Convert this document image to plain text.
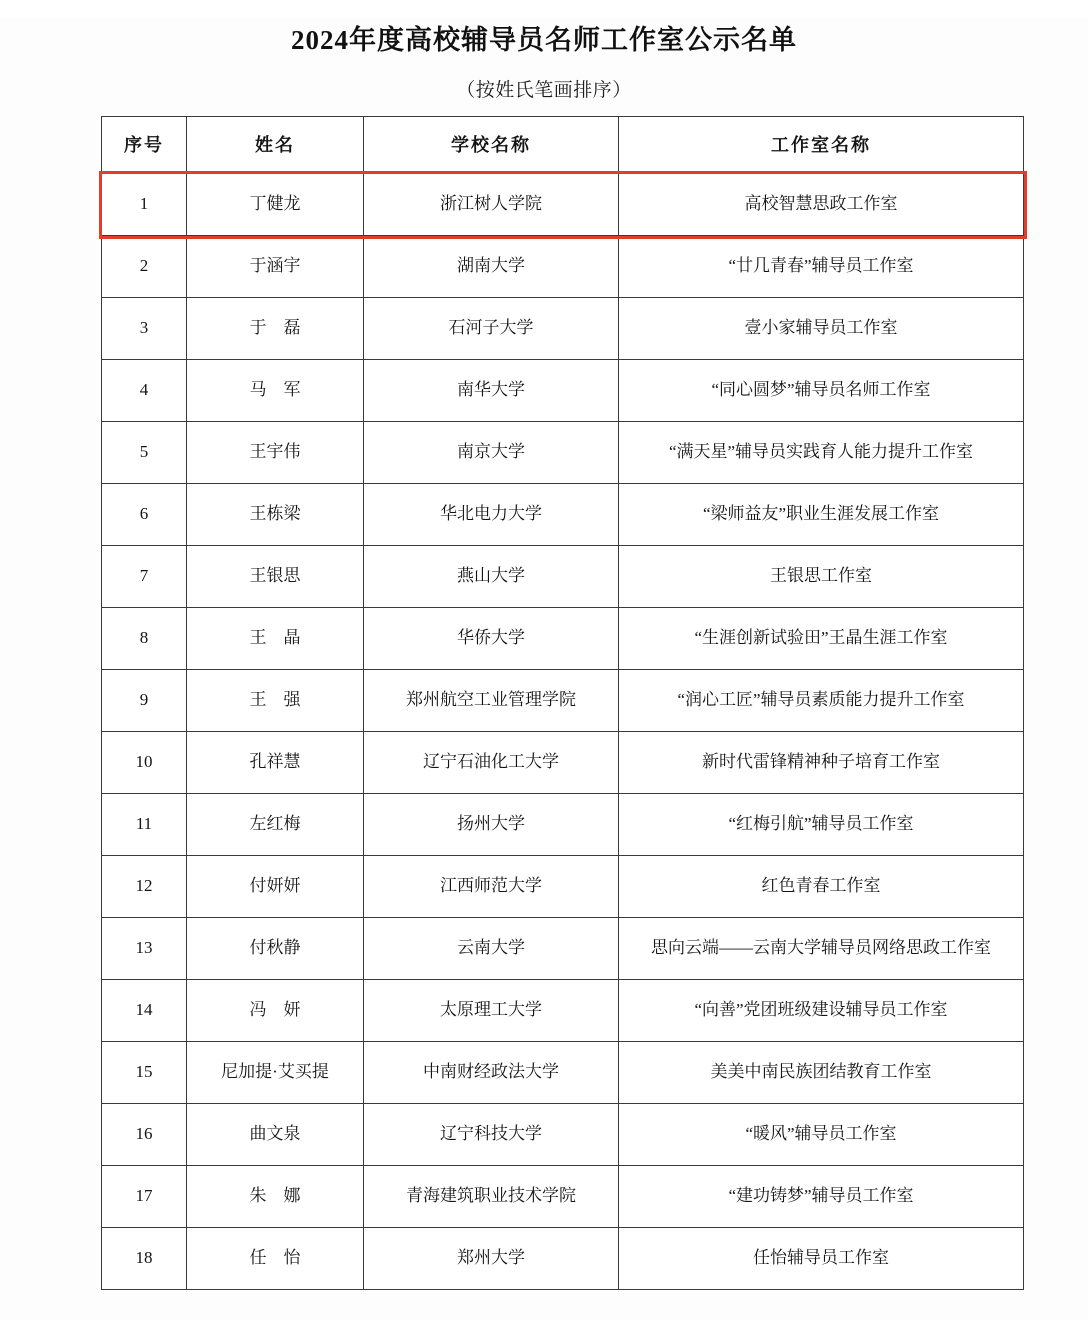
2024年度高校辅导员名师工作室公示名单
（按姓氏笔画排序）
序号	姓名	学校名称	工作室名称
1	丁健龙	浙江树人学院	高校智慧思政工作室
2	于涵宇	湖南大学	“廿几青春”辅导员工作室
3	于　磊	石河子大学	壹小家辅导员工作室
4	马　军	南华大学	“同心圆梦”辅导员名师工作室
5	王宇伟	南京大学	“满天星”辅导员实践育人能力提升工作室
6	王栋梁	华北电力大学	“梁师益友”职业生涯发展工作室
7	王银思	燕山大学	王银思工作室
8	王　晶	华侨大学	“生涯创新试验田”王晶生涯工作室
9	王　强	郑州航空工业管理学院	“润心工匠”辅导员素质能力提升工作室
10	孔祥慧	辽宁石油化工大学	新时代雷锋精神种子培育工作室
11	左红梅	扬州大学	“红梅引航”辅导员工作室
12	付妍妍	江西师范大学	红色青春工作室
13	付秋静	云南大学	思向云端——云南大学辅导员网络思政工作室
14	冯　妍	太原理工大学	“向善”党团班级建设辅导员工作室
15	尼加提·艾买提	中南财经政法大学	美美中南民族团结教育工作室
16	曲文泉	辽宁科技大学	“暖风”辅导员工作室
17	朱　娜	青海建筑职业技术学院	“建功铸梦”辅导员工作室
18	任　怡	郑州大学	任怡辅导员工作室
